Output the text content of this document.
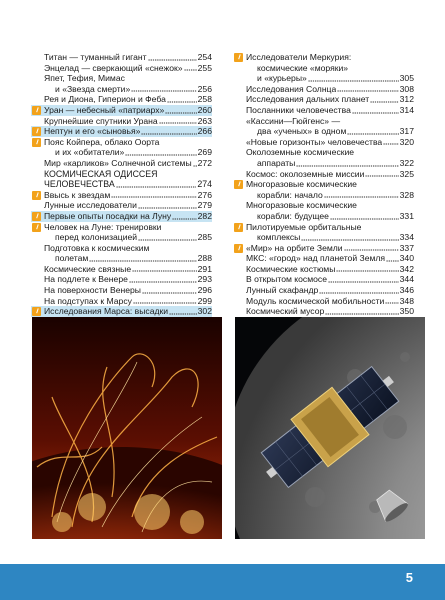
Титан — туманный гигант	254
Энцелад — сверкающий «снежок» 255
Япет, Тефия, Мимас
и «Звезда смерти»	256
Рея и Диона, Гиперион и Феба	258
Уран — небесный «патриарх»	260
Крупнейшие спутники Урана	263
Нептун и его «сыновья»	266
Пояс Койпера, облако Оорта
и их «обитатели»	269
Мир «карликов» Солнечной системы 272
КОСМИЧЕСКАЯ ОДИССЕЯ
ЧЕЛОВЕЧЕСТВА	274
Ввысь к звездам	276
Лунные исследователи	279
Первые опыты посадки на Луну	282
Человек на Луне: тренировки
перед колонизацией	285
Подготовка к космическим
полетам	288
Космические связные	291
На подлете к Венере	293
На поверхности Венеры	296
На подступах к Марсу	299
Исследования Марса: высадки	302
Исследователи Меркурия:
космические «моряки»
и «курьеры»	305
Исследования Солнца	308
Исследования дальних планет	312
Посланники человечества	314
«Кассини—Гюйгенс» —
два «ученых» в одном	317
«Новые горизонты» человечества 320
Околоземные космические
аппараты	322
Космос: околоземные миссии	325
Многоразовые космические
корабли: начало	328
Многоразовые космические
корабли: будущее	331
Пилотируемые орбитальные
комплексы	334
«Мир» на орбите Земли	337
МКС: «город» над планетой Земля 340
Космические костюмы	342
В открытом космосе	344
Лунный скафандр	346
Модуль космической мобильности 348
Космический мусор	350
5
